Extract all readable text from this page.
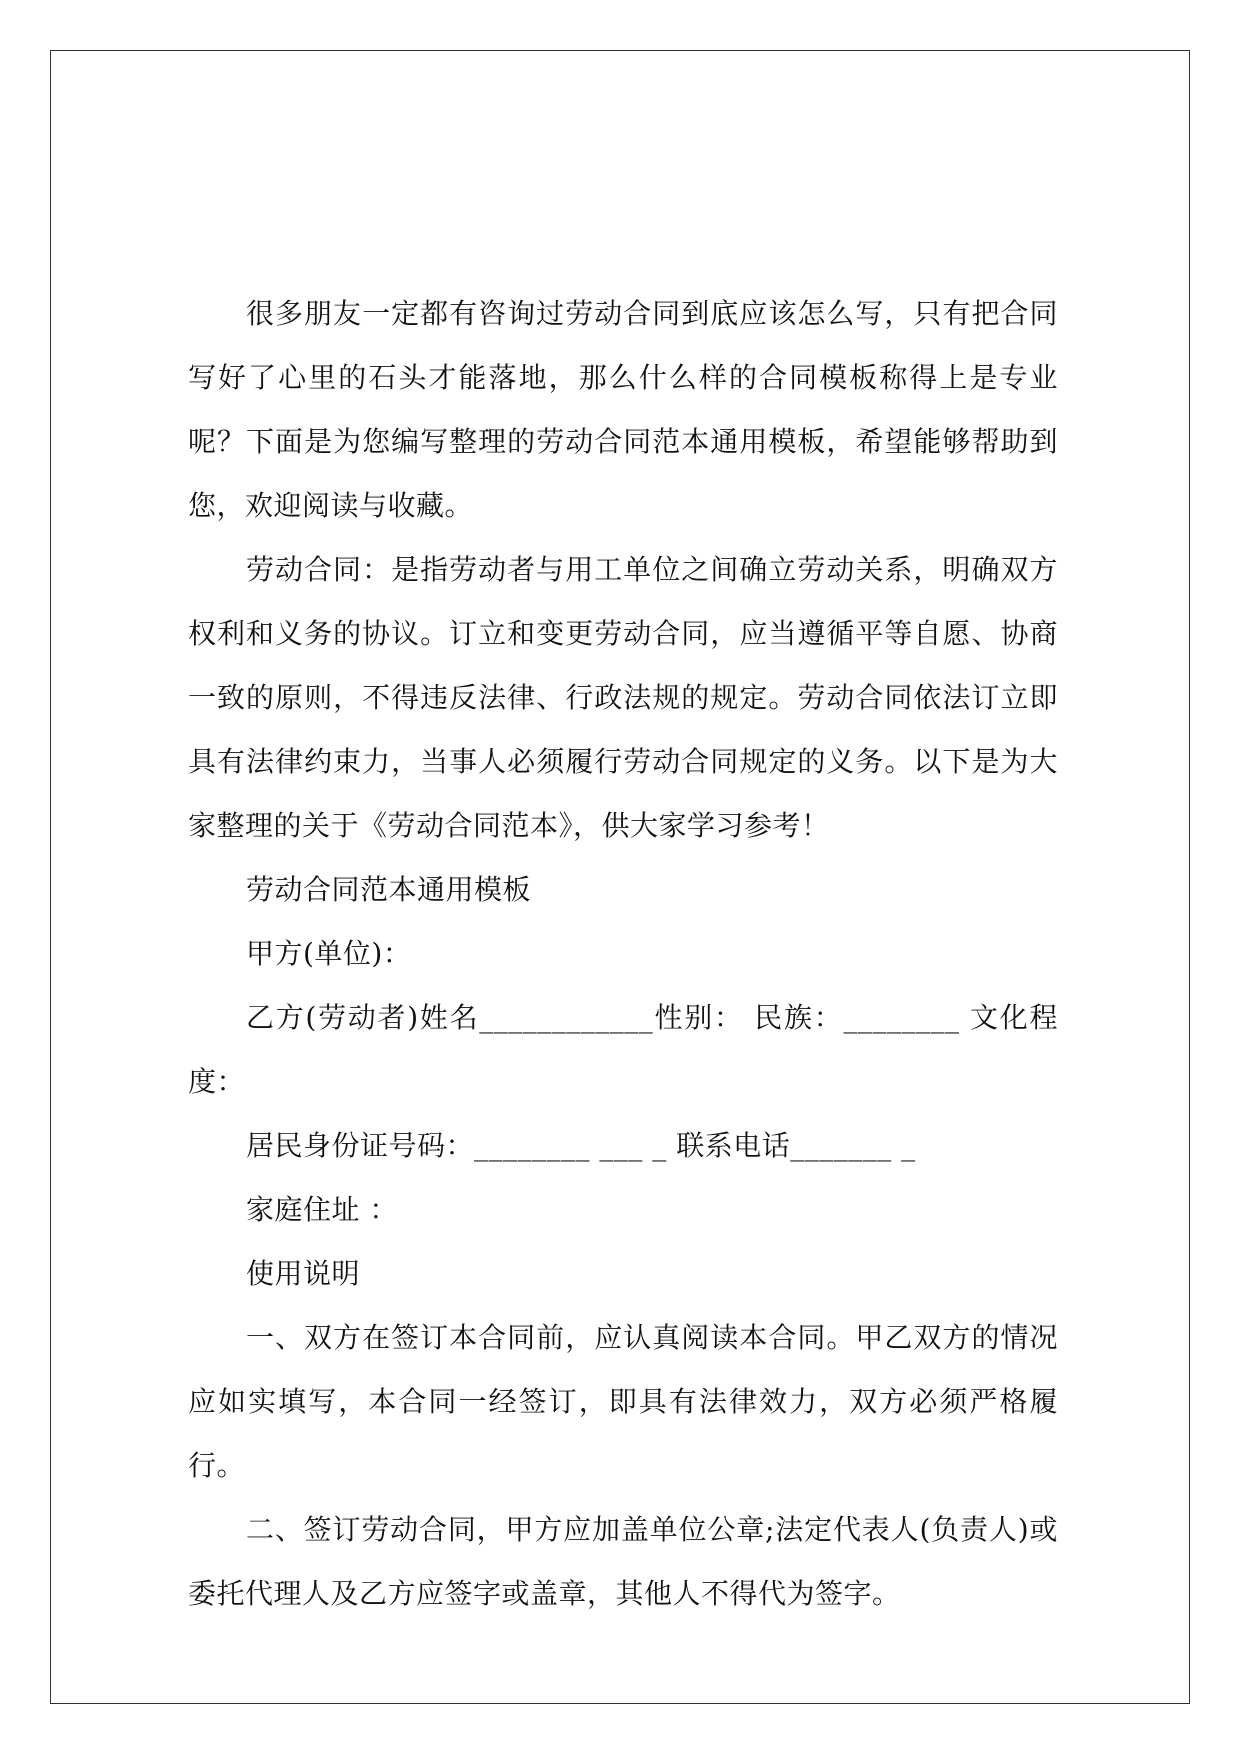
很多朋友一定都有咨询过劳动合同到底应该怎么写，只有把合同写好了心里的石头才能落地，那么什么样的合同模板称得上是专业呢？下面是为您编写整理的劳动合同范本通用模板，希望能够帮助到您，欢迎阅读与收藏。

劳动合同：是指劳动者与用工单位之间确立劳动关系，明确双方权利和义务的协议。订立和变更劳动合同，应当遵循平等自愿、协商一致的原则，不得违反法律、行政法规的规定。劳动合同依法订立即具有法律约束力，当事人必须履行劳动合同规定的义务。以下是为大家整理的关于《劳动合同范本》，供大家学习参考！

劳动合同范本通用模板

甲方(单位)：

乙方(劳动者)姓名____________性别： 民族：________ 文化程度：

居民身份证号码：________ ___ _ 联系电话_______ _

家庭住址 ：

使用说明

一、双方在签订本合同前，应认真阅读本合同。甲乙双方的情况应如实填写，本合同一经签订，即具有法律效力，双方必须严格履行。

二、签订劳动合同，甲方应加盖单位公章;法定代表人(负责人)或委托代理人及乙方应签字或盖章，其他人不得代为签字。
